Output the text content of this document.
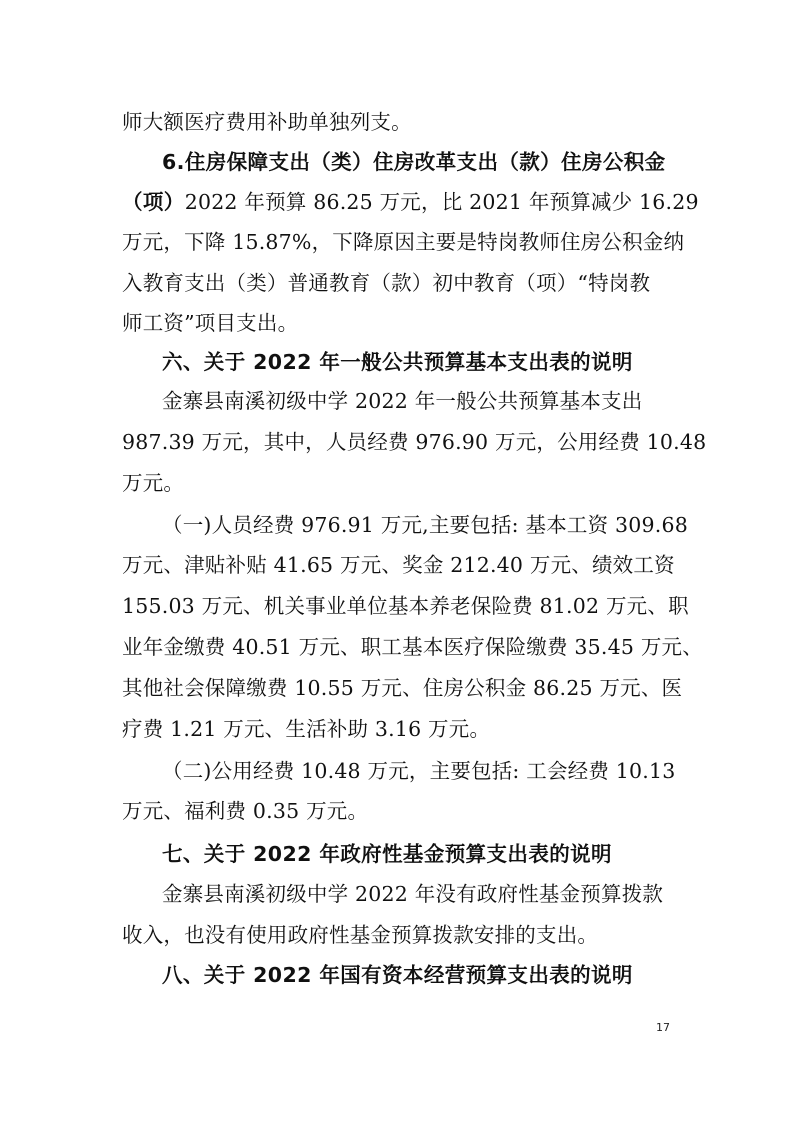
师大额医疗费用补助单独列支。
6.住房保障支出（类）住房改革支出（款）住房公积金
（项）2022 年预算 86.25 万元，比 2021 年预算减少 16.29
万元，下降 15.87%，下降原因主要是特岗教师住房公积金纳
入教育支出（类）普通教育（款）初中教育（项）“特岗教
师工资”项目支出。
六、关于 2022 年一般公共预算基本支出表的说明
金寨县南溪初级中学 2022 年一般公共预算基本支出
987.39 万元，其中，人员经费 976.90 万元，公用经费 10.48
万元。
（一)人员经费 976.91 万元,主要包括: 基本工资 309.68
万元、津贴补贴 41.65 万元、奖金 212.40 万元、绩效工资
155.03 万元、机关事业单位基本养老保险费 81.02 万元、职
业年金缴费 40.51 万元、职工基本医疗保险缴费 35.45 万元、
其他社会保障缴费 10.55 万元、住房公积金 86.25 万元、医
疗费 1.21 万元、生活补助 3.16 万元。
（二)公用经费 10.48 万元，主要包括: 工会经费 10.13
万元、福利费 0.35 万元。
七、关于 2022 年政府性基金预算支出表的说明
金寨县南溪初级中学 2022 年没有政府性基金预算拨款
收入，也没有使用政府性基金预算拨款安排的支出。
八、关于 2022 年国有资本经营预算支出表的说明
17
